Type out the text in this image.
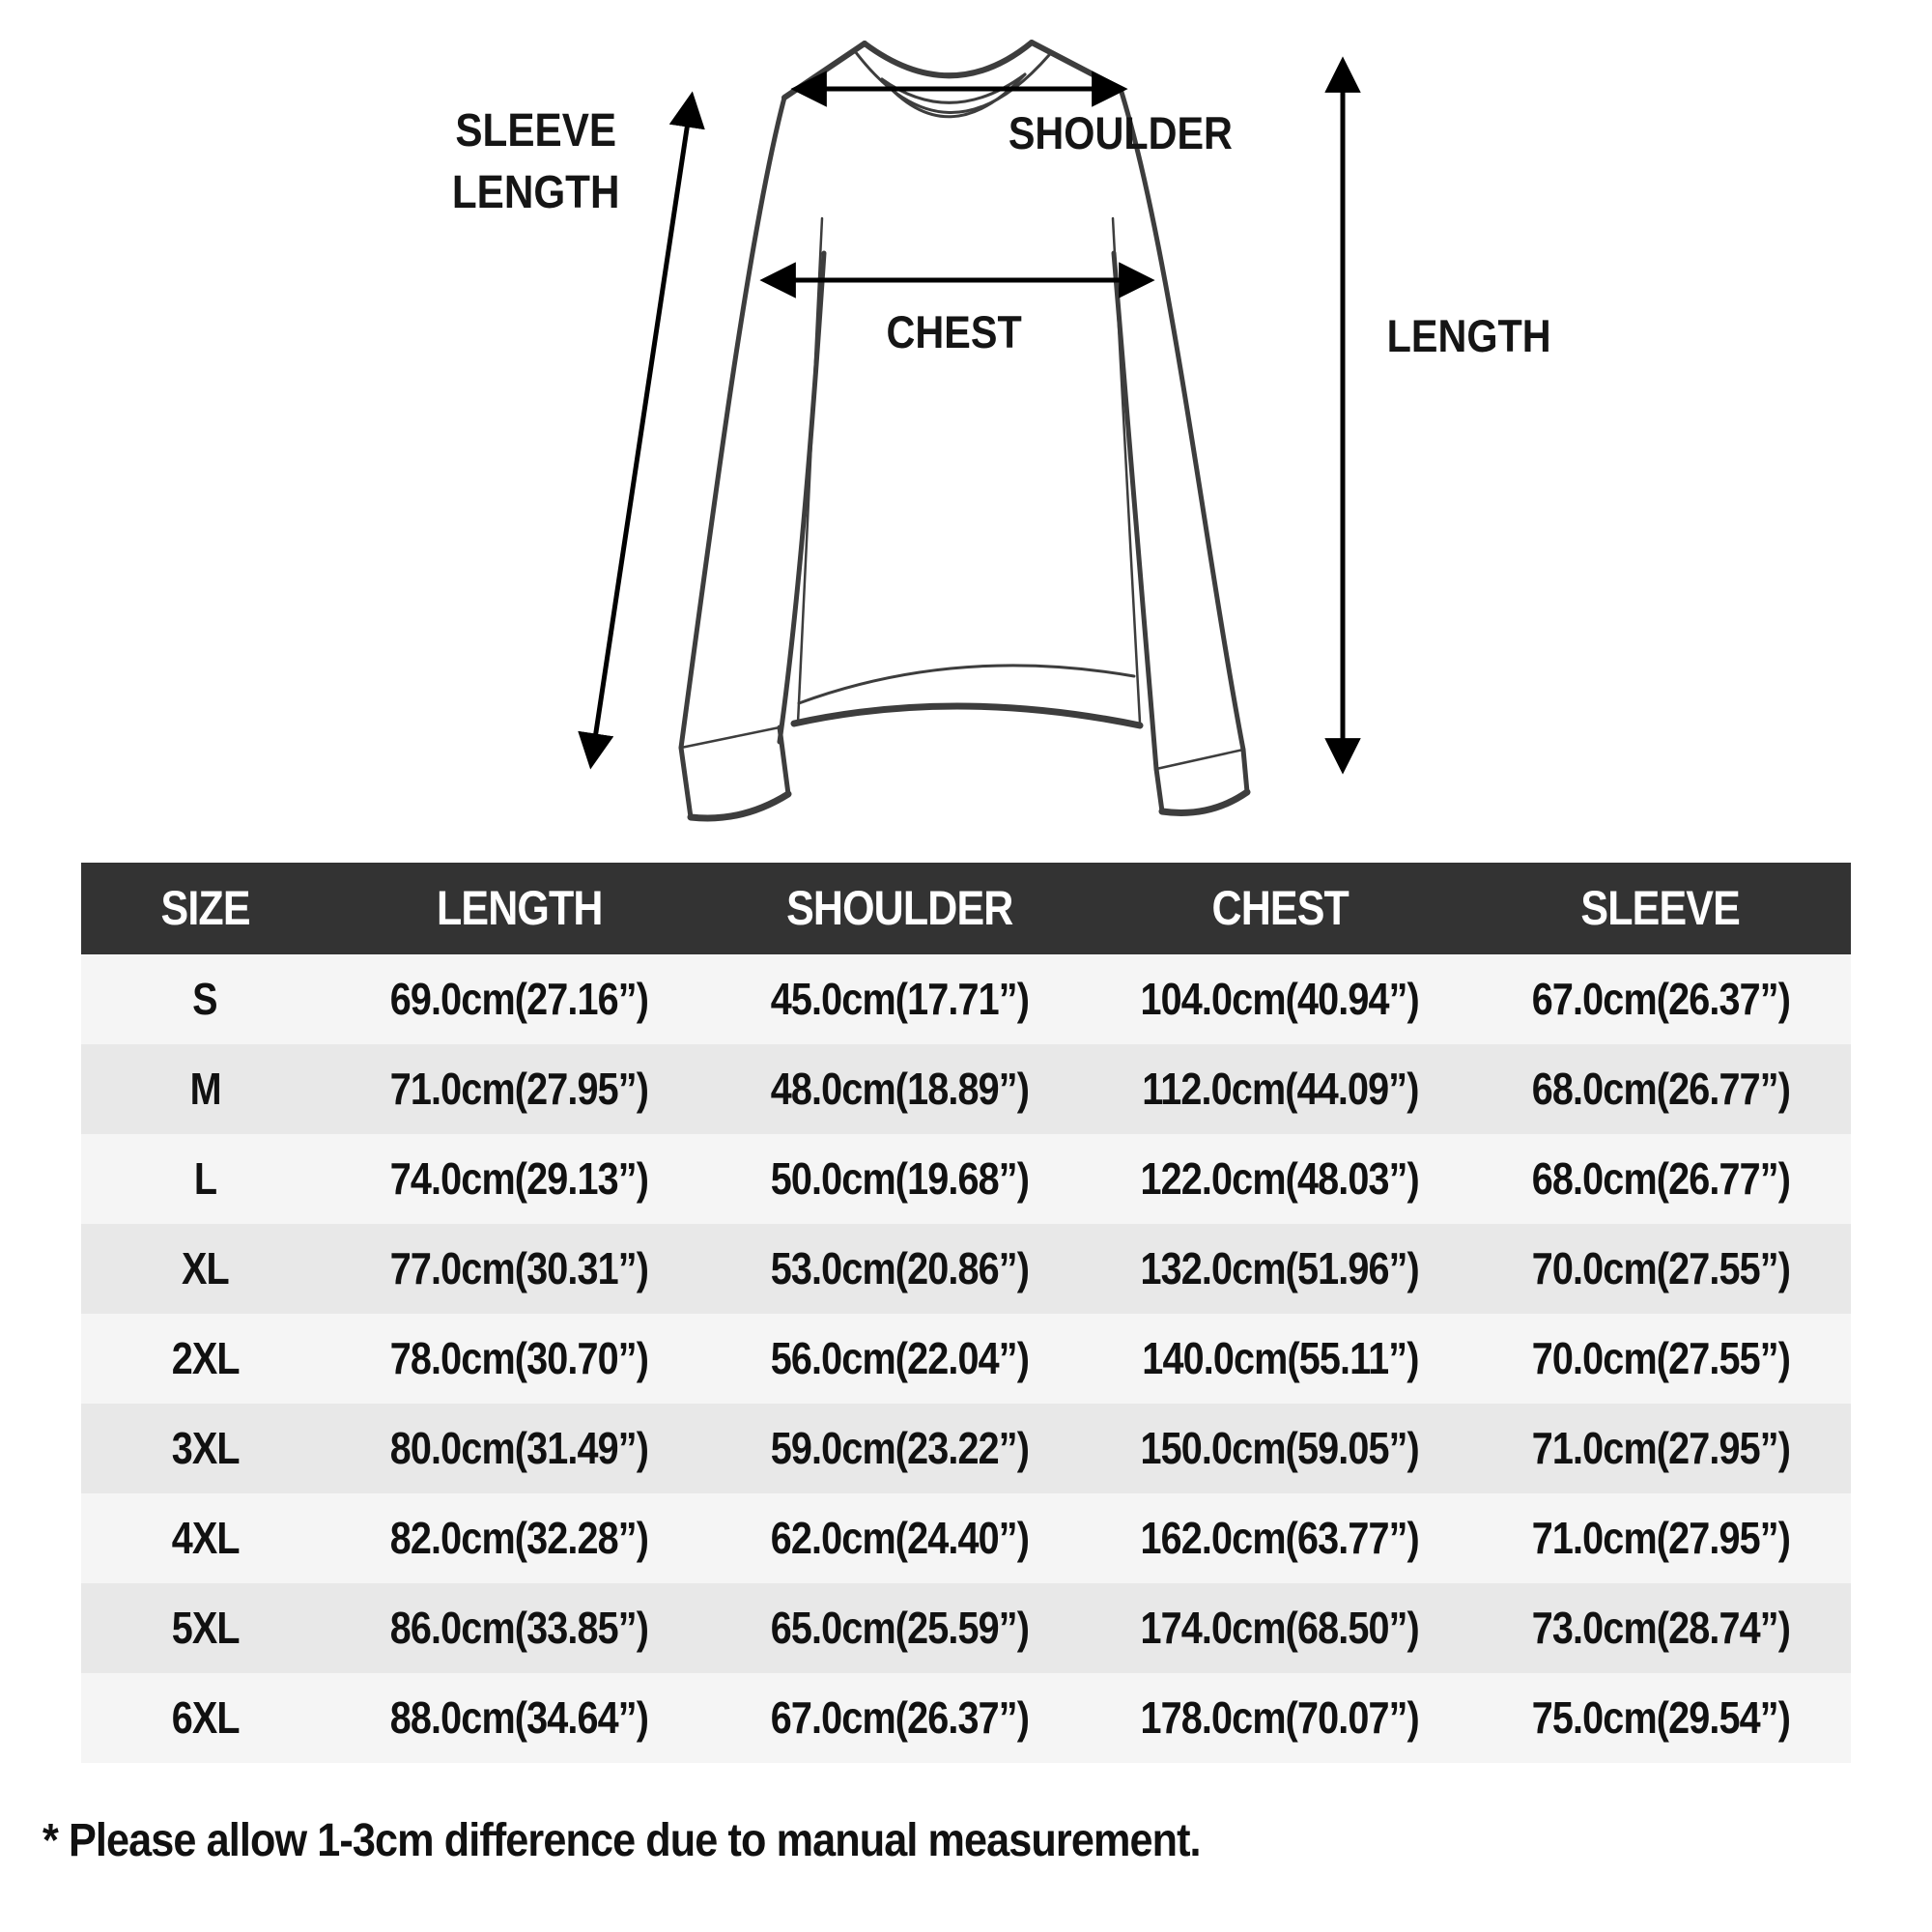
SLEEVE
LENGTH
SHOULDER
CHEST	LENGTH
SIZE	LENGTH	SHOULDER	CHEST	SLEEVE
S	69.0cm(27.16”)	45.0cm(17.71”)	104.0cm(40.94”)	67.0cm(26.37”)
M	71.0cm(27.95”)	48.0cm(18.89”)	112.0cm(44.09”)	68.0cm(26.77”)
L	74.0cm(29.13”)	50.0cm(19.68”)	122.0cm(48.03”)	68.0cm(26.77”)
XL	77.0cm(30.31”)	53.0cm(20.86”)	132.0cm(51.96”)	70.0cm(27.55”)
2XL	78.0cm(30.70”)	56.0cm(22.04”)	140.0cm(55.11”)	70.0cm(27.55”)
3XL	80.0cm(31.49”)	59.0cm(23.22”)	150.0cm(59.05”)	71.0cm(27.95”)
4XL	82.0cm(32.28”)	62.0cm(24.40”)	162.0cm(63.77”)	71.0cm(27.95”)
5XL	86.0cm(33.85”)	65.0cm(25.59”)	174.0cm(68.50”)	73.0cm(28.74”)
6XL	88.0cm(34.64”)	67.0cm(26.37”)	178.0cm(70.07”)	75.0cm(29.54”)
* Please allow 1-3cm difference due to manual measurement.
